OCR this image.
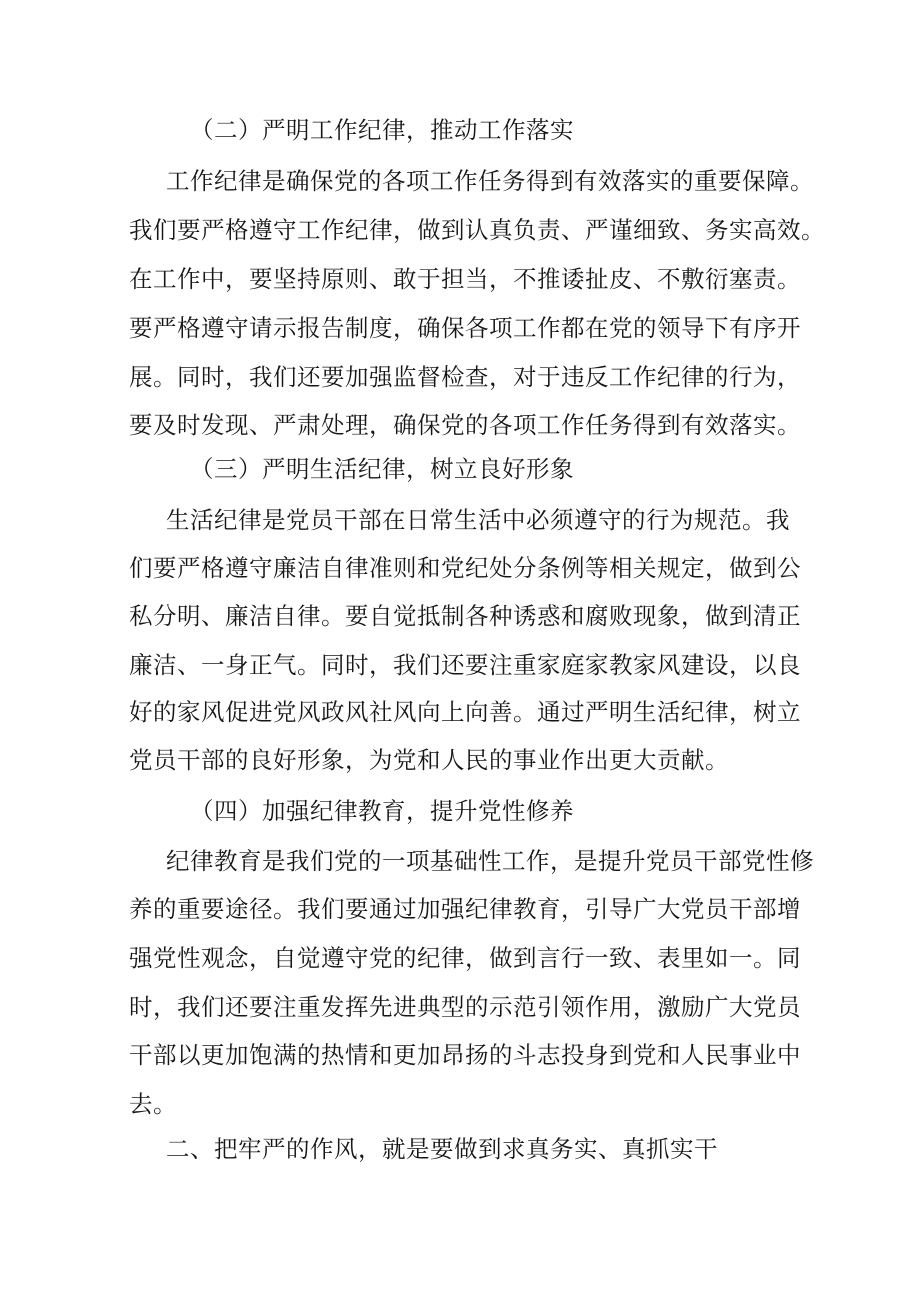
（二）严明工作纪律，推动工作落实
工作纪律是确保党的各项工作任务得到有效落实的重要保障。
我们要严格遵守工作纪律，做到认真负责、严谨细致、务实高效。
在工作中，要坚持原则、敢于担当，不推诿扯皮、不敷衍塞责。
要严格遵守请示报告制度，确保各项工作都在党的领导下有序开
展。同时，我们还要加强监督检查，对于违反工作纪律的行为，
要及时发现、严肃处理，确保党的各项工作任务得到有效落实。
（三）严明生活纪律，树立良好形象
生活纪律是党员干部在日常生活中必须遵守的行为规范。我
们要严格遵守廉洁自律准则和党纪处分条例等相关规定，做到公
私分明、廉洁自律。要自觉抵制各种诱惑和腐败现象，做到清正
廉洁、一身正气。同时，我们还要注重家庭家教家风建设，以良
好的家风促进党风政风社风向上向善。通过严明生活纪律，树立
党员干部的良好形象，为党和人民的事业作出更大贡献。
（四）加强纪律教育，提升党性修养
纪律教育是我们党的一项基础性工作，是提升党员干部党性修
养的重要途径。我们要通过加强纪律教育，引导广大党员干部增
强党性观念，自觉遵守党的纪律，做到言行一致、表里如一。同
时，我们还要注重发挥先进典型的示范引领作用，激励广大党员
干部以更加饱满的热情和更加昂扬的斗志投身到党和人民事业中
去。
二、把牢严的作风，就是要做到求真务实、真抓实干
